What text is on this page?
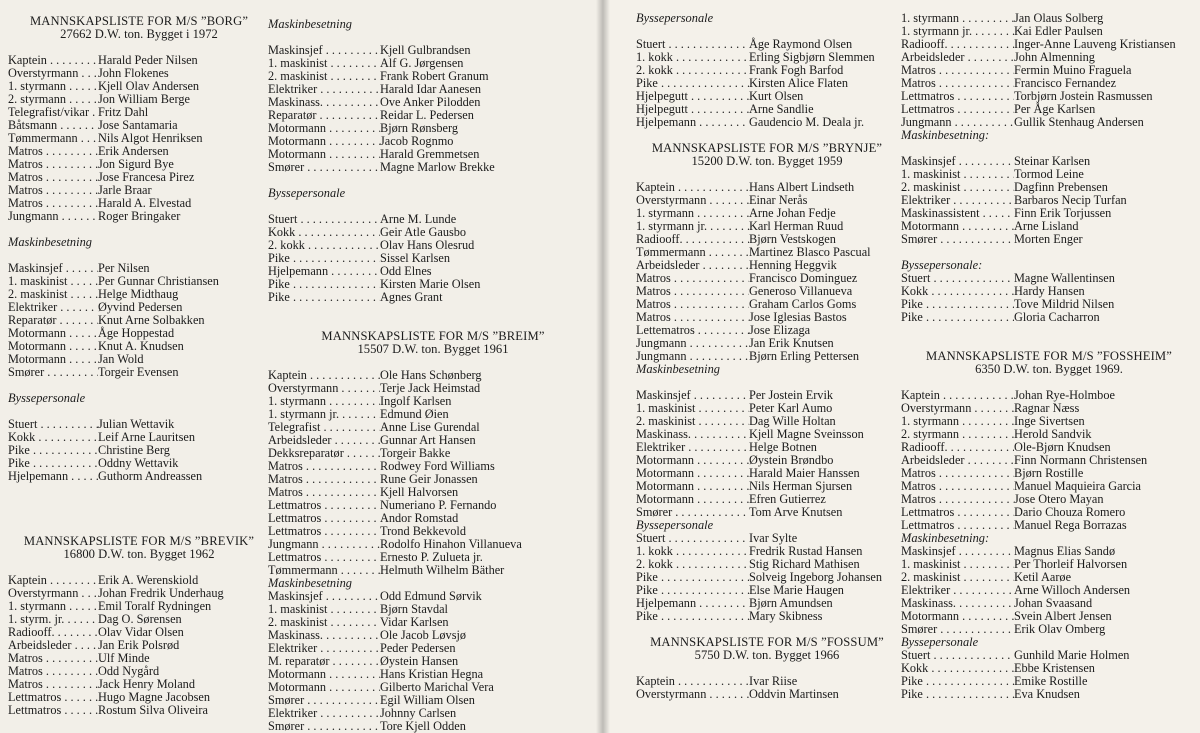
MANNSKAPSLISTE FOR M/S ”BORG”
27662 D.W. ton. Bygget i 1972
Kaptein . . .	Harald Peder Nilsen
Overstyrmann . . .	John Flokenes
1. styrmann . . .	Kjell Olav Andersen
2. styrmann . . .	Jon William Berge
Telegrafist/vikar . . . Fritz Dahl
Båtsmann . . .	Jose Santamaria
Tømmermann . . .	Nils Algot Henriksen
Matros . . .	Erik Andersen
Matros . . .	Jon Sigurd Bye
Matros . . .	Jose Francesa Pirez
Matros . . .	Jarle Braar
Matros . . .	Harald A. Elvestad
Jungmann . . .	Roger Bringaker
Maskinbesetning
Maskinsjef . . .	Per Nilsen
1. maskinist . . .	Per Gunnar Christiansen
2. maskinist . . .	Helge Midthaug
Elektriker . . .	Øyvind Pedersen
Reparatør . . .	Knut Arne Solbakken
Motormann . . .	Åge Hoppestad
Motormann . . .	Knut A. Knudsen
Motormann . . .	Jan Wold
Smører . . .	Torgeir Evensen
Byssepersonale
Stuert . . .	Julian Wettavik
Kokk . . .	Leif Arne Lauritsen
Pike . . .	Christine Berg
Pike . . .	Oddny Wettavik
Hjelpemann . . .	Guthorm Andreassen
MANNSKAPSLISTE FOR M/S ”BREVIK”
16800 D.W. ton. Bygget 1962
Kaptein . . .	Erik A. Werenskiold
Overstyrmann . . .	Johan Fredrik Underhaug
1. styrmann . . .	Emil Toralf Rydningen
1. styrm. jr. . . .	Dag O. Sørensen
Radiooff. . . .	Olav Vidar Olsen
Arbeidsleder . . .	Jan Erik Polsrød
Matros . . .	Ulf Minde
Matros . . .	Odd Nygård
Matros . . .	Jack Henry Moland
Lettmatros . . .	Hugo Magne Jacobsen
Lettmatros . . .	Rostum Silva Oliveira
Maskinbesetning
Maskinsjef . . .	Kjell Gulbrandsen
1. maskinist . . .	Alf G. Jørgensen
2. maskinist . . .	Frank Robert Granum
Elektriker . . .	Harald Idar Aanesen
Maskinass. . . .	Ove Anker Pilodden
Reparatør . . .	Reidar L. Pedersen
Motormann . . .	Bjørn Rønsberg
Motormann . . .	Jacob Rognmo
Motormann . . .	Harald Gremmetsen
Smører . . .	Magne Marlow Brekke
Byssepersonale
Stuert . . .	Arne M. Lunde
Kokk . . .	Geir Atle Gausbo
2. kokk . . .	Olav Hans Olesrud
Pike . . .	Sissel Karlsen
Hjelpemann . . .	Odd Elnes
Pike . . .	Kirsten Marie Olsen
Pike . . .	Agnes Grant
MANNSKAPSLISTE FOR M/S ”BREIM”
15507 D.W. ton. Bygget 1961
Kaptein . . .	Ole Hans Schønberg
Overstyrmann . . .	Terje Jack Heimstad
1. styrmann . . .	Ingolf Karlsen
1. styrmann jr. . . .	Edmund Øien
Telegrafist . . .	Anne Lise Gurendal
Arbeidsleder . . .	Gunnar Art Hansen
Dekksreparatør . . .	Torgeir Bakke
Matros . . .	Rodwey Ford Williams
Matros . . .	Rune Geir Jonassen
Matros . . .	Kjell Halvorsen
Lettmatros . . .	Numeriano P. Fernando
Lettmatros . . .	Andor Romstad
Lettmatros . . .	Trond Bekkevold
Jungmann . . .	Rodolfo Hinahon Villanueva
Lettmatros . . .	Ernesto P. Zulueta jr.
Tømmermann . . .	Helmuth Wilhelm Bäther
Maskinbesetning
Maskinsjef . . .	Odd Edmund Sørvik
1. maskinist . . .	Bjørn Stavdal
2. maskinist . . .	Vidar Karlsen
Maskinass. . . .	Ole Jacob Løvsjø
Elektriker . . .	Peder Pedersen
M. reparatør . . .	Øystein Hansen
Motormann . . .	Hans Kristian Hegna
Motormann . . .	Gilberto Marichal Vera
Smører . . .	Egil William Olsen
Elektriker . . .	Johnny Carlsen
Smører . . .	Tore Kjell Odden
Byssepersonale
Stuert . . .	Åge Raymond Olsen
1. kokk . . .	Erling Sigbjørn Slemmen
2. kokk . . .	Frank Fogh Barfod
Pike . . .	Kirsten Alice Flaten
Hjelpegutt . . .	Kurt Olsen
Hjelpegutt . . .	Arne Sandlie
Hjelpemann . . .	Gaudencio M. Deala jr.
MANNSKAPSLISTE FOR M/S ”BRYNJE”
15200 D.W. ton. Bygget 1959
Kaptein . . .	Hans Albert Lindseth
Overstyrmann . . .	Einar Nerås
1. styrmann . . .	Arne Johan Fedje
1. styrmann jr. . . .	Karl Herman Ruud
Radiooff. . . .	Bjørn Vestskogen
Tømmermann . . .	Martinez Blasco Pascual
Arbeidsleder . . .	Henning Heggvik
Matros . . .	Francisco Dominguez
Matros . . .	Generoso Villanueva
Matros . . .	Graham Carlos Goms
Matros . . .	Jose Iglesias Bastos
Lettematros . . .	Jose Elizaga
Jungmann . . .	Jan Erik Knutsen
Jungmann . . .	Bjørn Erling Pettersen
Maskinbesetning
Maskinsjef . . .	Per Jostein Ervik
1. maskinist . . .	Peter Karl Aumo
2. maskinist . . .	Dag Wille Holtan
Maskinass. . . .	Kjell Magne Sveinsson
Elektriker . . .	Helge Botnen
Motormann . . .	Øystein Brøndbo
Motormann . . .	Harald Maier Hanssen
Motormann . . .	Nils Herman Sjursen
Motormann . . .	Efren Gutierrez
Smører . . .	Tom Arve Knutsen
Byssepersonale
Stuert . . .	Ivar Sylte
1. kokk . . .	Fredrik Rustad Hansen
2. kokk . . .	Stig Richard Mathisen
Pike . . .	Solveig Ingeborg Johansen
Pike . . .	Else Marie Haugen
Hjelpemann . . .	Bjørn Amundsen
Pike . . .	Mary Skibness
MANNSKAPSLISTE FOR M/S ”FOSSUM”
5750 D.W. ton. Bygget 1966
Kaptein . . .	Ivar Riise
Overstyrmann . . .	Oddvin Martinsen
1. styrmann . . .	Jan Olaus Solberg
1. styrmann jr. . . .	Kai Edler Paulsen
Radiooff. . . .	Inger-Anne Lauveng Kristiansen
Arbeidsleder . . .	John Almenning
Matros . . .	Fermin Muino Fraguela
Matros . . .	Francisco Fernandez
Lettmatros . . .	Torbjørn Jostein Rasmussen
Lettmatros . . .	Per Åge Karlsen
Jungmann . . .	Gullik Stenhaug Andersen
Maskinbesetning:
Maskinsjef . . .	Steinar Karlsen
1. maskinist . . .	Tormod Leine
2. maskinist . . .	Dagfinn Prebensen
Elektriker . . .	Barbaros Necip Turfan
Maskinassistent . . .	Finn Erik Torjussen
Motormann . . .	Arne Lisland
Smører . . .	Morten Enger
Byssepersonale:
Stuert . . .	Magne Wallentinsen
Kokk . . .	Hardy Hansen
Pike . . .	Tove Mildrid Nilsen
Pike . . .	Gloria Cacharron
MANNSKAPSLISTE FOR M/S ”FOSSHEIM”
6350 D.W. ton. Bygget 1969.
Kaptein . . .	Johan Rye-Holmboe
Overstyrmann . . .	Ragnar Næss
1. styrmann . . .	Inge Sivertsen
2. styrmann . . .	Herold Sandvik
Radiooff. . . .	Ole-Bjørn Knudsen
Arbeidsleder . . .	Finn Normann Christensen
Matros . . .	Bjørn Rostille
Matros . . .	Manuel Maquieira Garcia
Matros . . .	Jose Otero Mayan
Lettmatros . . .	Dario Chouza Romero
Lettmatros . . .	Manuel Rega Borrazas
Maskinbesetning:
Maskinsjef . . .	Magnus Elias Sandø
1. maskinist . . .	Per Thorleif Halvorsen
2. maskinist . . .	Ketil Aarøe
Elektriker . . .	Arne Willoch Andersen
Maskinass. . . .	Johan Svaasand
Motormann . . .	Svein Albert Jensen
Smører . . .	Erik Olav Omberg
Byssepersonale
Stuert . . .	Gunhild Marie Holmen
Kokk . . .	Ebbe Kristensen
Pike . . .	Emike Rostille
Pike . . .	Eva Knudsen
